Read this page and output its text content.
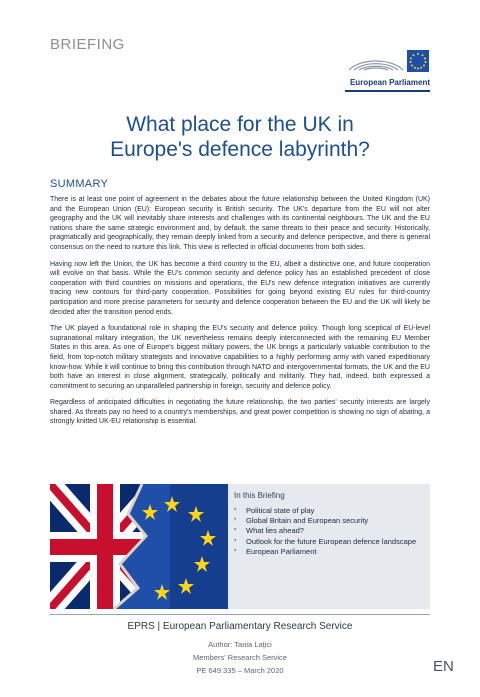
BRIEFING
European Parliament
What place for the UK in
Europe's defence labyrinth?
SUMMARY

There is at least one point of agreement in the debates about the future relationship between the United Kingdom (UK) and the European Union (EU): European security is British security. The UK's departure from the EU will not alter geography and the UK will inevitably share interests and challenges with its continental neighbours. The UK and the EU nations share the same strategic environment and, by default, the same threats to their peace and security. Historically, pragmatically and geographically, they remain deeply linked from a security and defence perspective, and there is general consensus on the need to nurture this link. This view is reflected in official documents from both sides.

Having now left the Union, the UK has become a third country to the EU, albeit a distinctive one, and future cooperation will evolve on that basis. While the EU's common security and defence policy has an established precedent of close cooperation with third countries on missions and operations, the EU's new defence integration initiatives are currently tracing new contours for third-party cooperation. Possibilities for going beyond existing EU rules for third-country participation and more precise parameters for security and defence cooperation between the EU and the UK will likely be decided after the transition period ends.

The UK played a foundational role in shaping the EU's security and defence policy. Though long sceptical of EU-level supranational military integration, the UK nevertheless remains deeply interconnected with the remaining EU Member States in this area. As one of Europe's biggest military powers, the UK brings a particularly valuable contribution to the field, from top-notch military strategists and innovative capabilities to a highly performing army with varied expeditionary know-how. While it will continue to bring this contribution through NATO and intergovernmental formats, the UK and the EU both have an interest in close alignment, strategically, politically and militarily. They had, indeed, both expressed a commitment to securing an unparalleled partnership in foreign, security and defence policy.

Regardless of anticipated difficulties in negotiating the future relationship, the two parties' security interests are largely shared. As threats pay no heed to a country's memberships, and great power competition is showing no sign of abating, a strongly knitted UK-EU relationship is essential.

In this Briefing
’ Political state of play
’ Global Britain and European security
’ What lies ahead?
’ Outlook for the future European defence landscape
’ European Parliament
EPRS | European Parliamentary Research Service
Author: Tania Laţici
Members' Research Service
PE 649.335 – March 2020	EN
